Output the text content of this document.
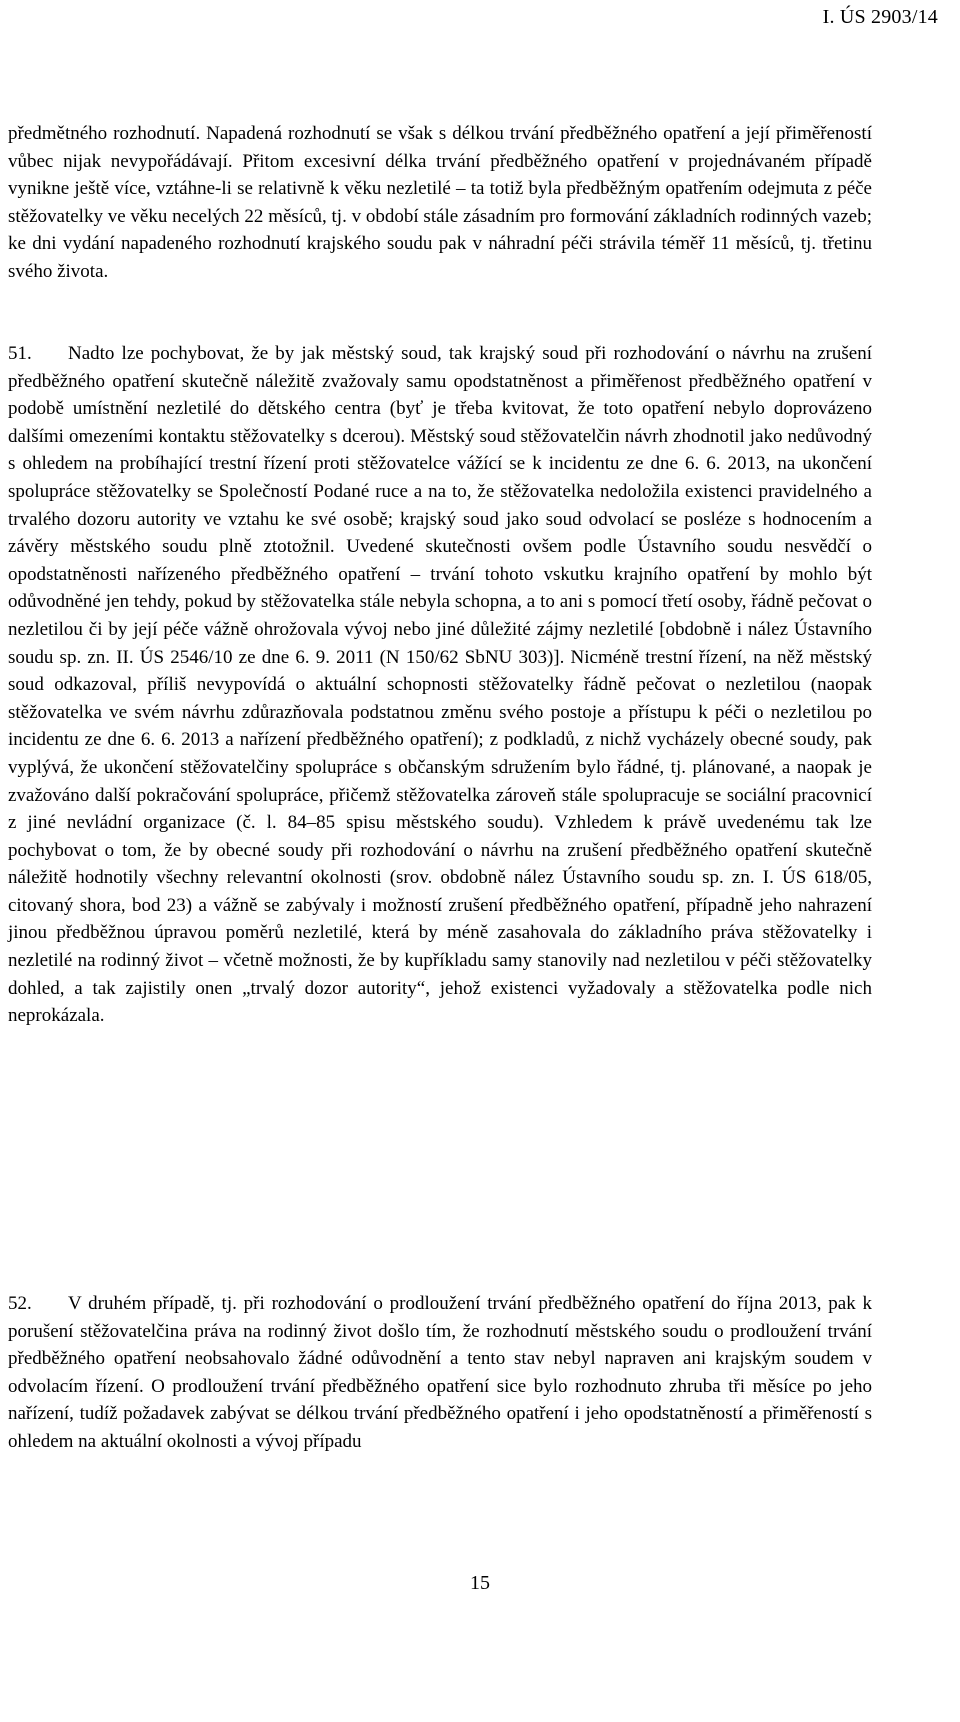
I. ÚS 2903/14

předmětného rozhodnutí. Napadená rozhodnutí se však s délkou trvání předběžného opatření a její přiměřeností vůbec nijak nevypořádávají. Přitom excesivní délka trvání předběžného opatření v projednávaném případě vynikne ještě více, vztáhne-li se relativně k věku nezletilé – ta totiž byla předběžným opatřením odejmuta z péče stěžovatelky ve věku necelých 22 měsíců, tj. v období stále zásadním pro formování základních rodinných vazeb; ke dni vydání napadeného rozhodnutí krajského soudu pak v náhradní péči strávila téměř 11 měsíců, tj. třetinu svého života.

51. Nadto lze pochybovat, že by jak městský soud, tak krajský soud při rozhodování o návrhu na zrušení předběžného opatření skutečně náležitě zvažovaly samu opodstatněnost a přiměřenost předběžného opatření v podobě umístnění nezletilé do dětského centra (byť je třeba kvitovat, že toto opatření nebylo doprovázeno dalšími omezeními kontaktu stěžovatelky s dcerou). Městský soud stěžovatelčin návrh zhodnotil jako nedůvodný s ohledem na probíhající trestní řízení proti stěžovatelce vážící se k incidentu ze dne 6. 6. 2013, na ukončení spolupráce stěžovatelky se Společností Podané ruce a na to, že stěžovatelka nedoložila existenci pravidelného a trvalého dozoru autority ve vztahu ke své osobě; krajský soud jako soud odvolací se posléze s hodnocením a závěry městského soudu plně ztotožnil. Uvedené skutečnosti ovšem podle Ústavního soudu nesvědčí o opodstatněnosti nařízeného předběžného opatření – trvání tohoto vskutku krajního opatření by mohlo být odůvodněné jen tehdy, pokud by stěžovatelka stále nebyla schopna, a to ani s pomocí třetí osoby, řádně pečovat o nezletilou či by její péče vážně ohrožovala vývoj nebo jiné důležité zájmy nezletilé [obdobně i nález Ústavního soudu sp. zn. II. ÚS 2546/10 ze dne 6. 9. 2011 (N 150/62 SbNU 303)]. Nicméně trestní řízení, na něž městský soud odkazoval, příliš nevypovídá o aktuální schopnosti stěžovatelky řádně pečovat o nezletilou (naopak stěžovatelka ve svém návrhu zdůrazňovala podstatnou změnu svého postoje a přístupu k péči o nezletilou po incidentu ze dne 6. 6. 2013 a nařízení předběžného opatření); z podkladů, z nichž vycházely obecné soudy, pak vyplývá, že ukončení stěžovatelčiny spolupráce s občanským sdružením bylo řádné, tj. plánované, a naopak je zvažováno další pokračování spolupráce, přičemž stěžovatelka zároveň stále spolupracuje se sociální pracovnicí z jiné nevládní organizace (č. l. 84–85 spisu městského soudu). Vzhledem k právě uvedenému tak lze pochybovat o tom, že by obecné soudy při rozhodování o návrhu na zrušení předběžného opatření skutečně náležitě hodnotily všechny relevantní okolnosti (srov. obdobně nález Ústavního soudu sp. zn. I. ÚS 618/05, citovaný shora, bod 23) a vážně se zabývaly i možností zrušení předběžného opatření, případně jeho nahrazení jinou předběžnou úpravou poměrů nezletilé, která by méně zasahovala do základního práva stěžovatelky i nezletilé na rodinný život – včetně možnosti, že by kupříkladu samy stanovily nad nezletilou v péči stěžovatelky dohled, a tak zajistily onen „trvalý dozor autority“, jehož existenci vyžadovaly a stěžovatelka podle nich neprokázala.

52. V druhém případě, tj. při rozhodování o prodloužení trvání předběžného opatření do října 2013, pak k porušení stěžovatelčina práva na rodinný život došlo tím, že rozhodnutí městského soudu o prodloužení trvání předběžného opatření neobsahovalo žádné odůvodnění a tento stav nebyl napraven ani krajským soudem v odvolacím řízení. O prodloužení trvání předběžného opatření sice bylo rozhodnuto zhruba tři měsíce po jeho nařízení, tudíž požadavek zabývat se délkou trvání předběžného opatření i jeho opodstatněností a přiměřeností s ohledem na aktuální okolnosti a vývoj případu

15
